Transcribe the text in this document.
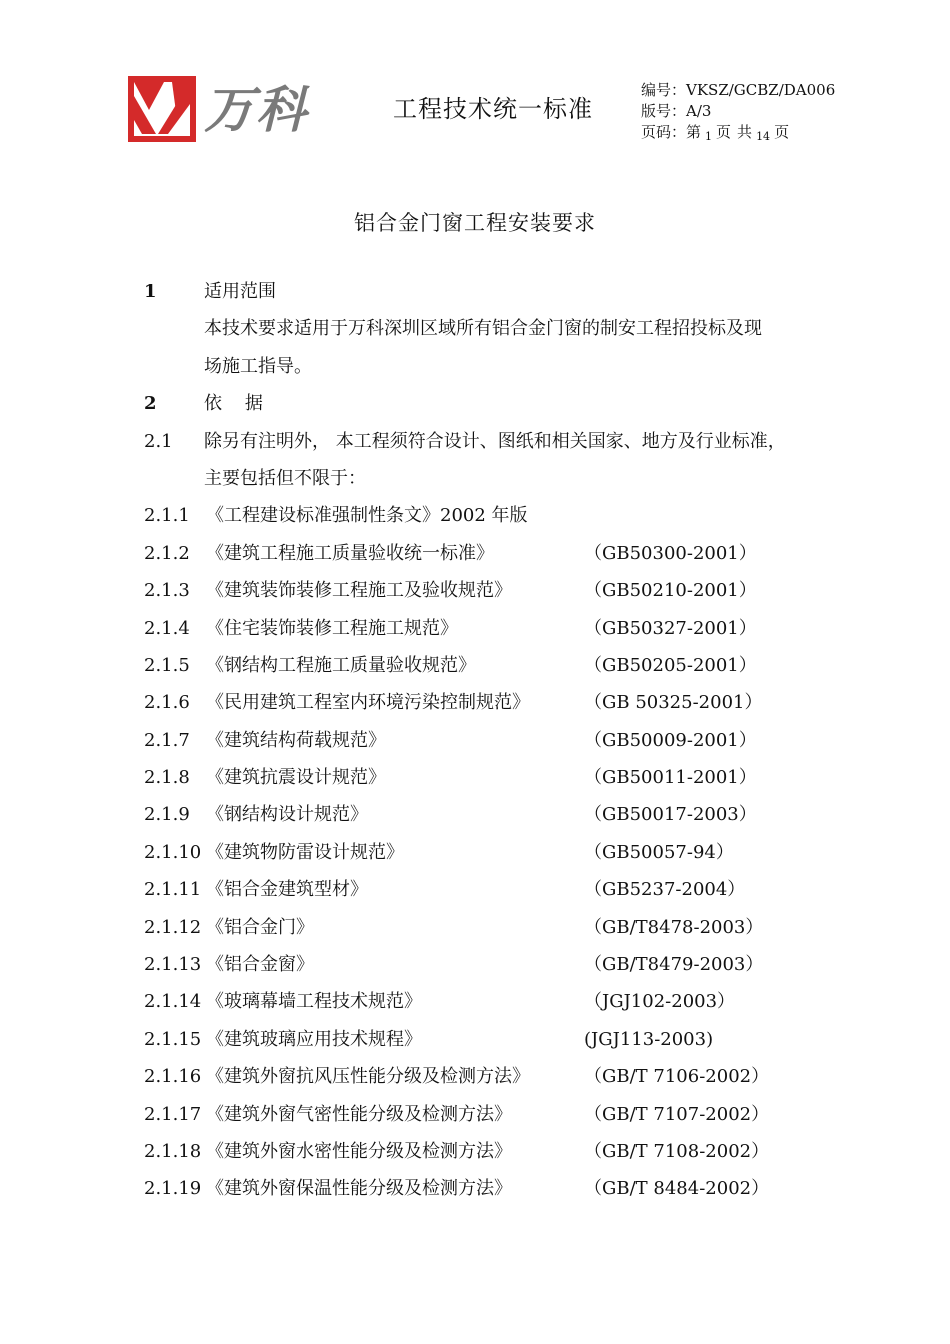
万科	工程技术统一标准
编号：VKSZ/GCBZ/DA006
版号：A/3
页码：第 $_1$ 页 共 $_{14}$ 页
铝合金门窗工程安装要求
1	适用范围
本技术要求适用于万科深圳区域所有铝合金门窗的制安工程招投标及现
场施工指导。
2	依    据
2.1 除另有注明外， 本工程须符合设计、图纸和相关国家、地方及行业标准，
主要包括但不限于：
2.1.1 《工程建设标准强制性条文》2002 年版
2.1.2 《建筑工程施工质量验收统一标准》	（GB50300-2001）
2.1.3 《建筑装饰装修工程施工及验收规范》	（GB50210-2001）
2.1.4 《住宅装饰装修工程施工规范》	（GB50327-2001）
2.1.5 《钢结构工程施工质量验收规范》	（GB50205-2001）
2.1.6 《民用建筑工程室内环境污染控制规范》	（GB 50325-2001）
2.1.7 《建筑结构荷载规范》	（GB50009-2001）
2.1.8 《建筑抗震设计规范》	（GB50011-2001）
2.1.9 《钢结构设计规范》	（GB50017-2003）
2.1.10 《建筑物防雷设计规范》	（GB50057-94）
2.1.11 《铝合金建筑型材》	（GB5237-2004）
2.1.12 《铝合金门》	（GB/T8478-2003）
2.1.13 《铝合金窗》	（GB/T8479-2003）
2.1.14 《玻璃幕墙工程技术规范》	（JGJ102-2003）
2.1.15 《建筑玻璃应用技术规程》	(JGJ113-2003)
2.1.16 《建筑外窗抗风压性能分级及检测方法》	（GB/T 7106-2002）
2.1.17 《建筑外窗气密性能分级及检测方法》	（GB/T 7107-2002）
2.1.18 《建筑外窗水密性能分级及检测方法》	（GB/T 7108-2002）
2.1.19 《建筑外窗保温性能分级及检测方法》	（GB/T 8484-2002）
